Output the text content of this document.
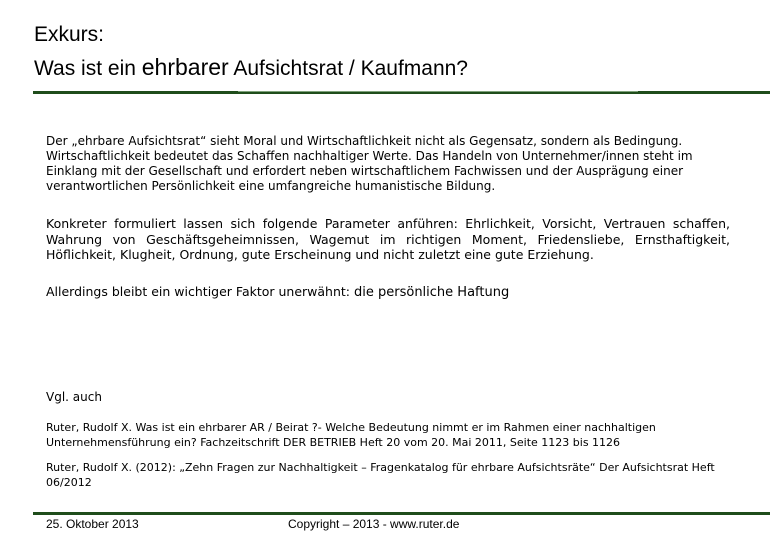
Exkurs:
Was ist ein ehrbarer Aufsichtsrat / Kaufmann?

Der „ehrbare Aufsichtsrat“ sieht Moral und Wirtschaftlichkeit nicht als Gegensatz, sondern als Bedingung. Wirtschaftlichkeit bedeutet das Schaffen nachhaltiger Werte. Das Handeln von Unternehmer/innen steht im Einklang mit der Gesellschaft und erfordert neben wirtschaftlichem Fachwissen und der Ausprägung einer verantwortlichen Persönlichkeit eine umfangreiche humanistische Bildung.

Konkreter formuliert lassen sich folgende Parameter anführen: Ehrlichkeit, Vorsicht, Vertrauen schaffen, Wahrung von Geschäftsgeheimnissen, Wagemut im richtigen Moment, Friedensliebe, Ernsthaftigkeit, Höflichkeit, Klugheit, Ordnung, gute Erscheinung und nicht zuletzt eine gute Erziehung.

Allerdings bleibt ein wichtiger Faktor unerwähnt: die persönliche Haftung

Vgl. auch

Ruter, Rudolf X. Was ist ein ehrbarer AR / Beirat ?- Welche Bedeutung nimmt er im Rahmen einer nachhaltigen Unternehmensführung ein? Fachzeitschrift DER BETRIEB Heft 20 vom 20. Mai 2011, Seite 1123 bis 1126

Ruter, Rudolf X. (2012): „Zehn Fragen zur Nachhaltigkeit – Fragenkatalog für ehrbare Aufsichtsräte“ Der Aufsichtsrat Heft 06/2012

25. Oktober 2013	Copyright – 2013 - www.ruter.de
